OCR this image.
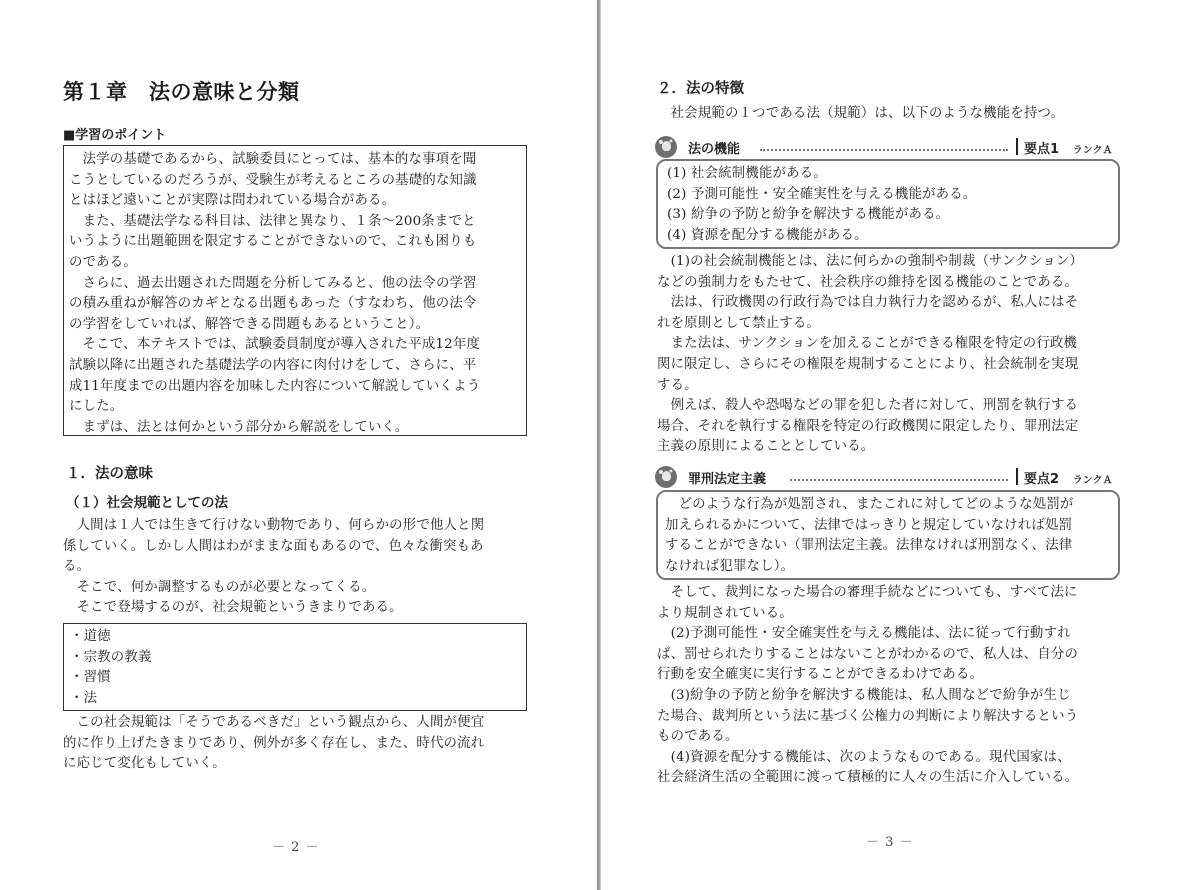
第１章　法の意味と分類
■学習のポイント
法学の基礎であるから、試験委員にとっては、基本的な事項を聞
こうとしているのだろうが、受験生が考えるところの基礎的な知識
とはほど遠いことが実際は問われている場合がある。
また、基礎法学なる科目は、法律と異なり、１条～200条までと
いうように出題範囲を限定することができないので、これも困りも
のである。
さらに、過去出題された問題を分析してみると、他の法令の学習
の積み重ねが解答のカギとなる出題もあった（すなわち、他の法令
の学習をしていれば、解答できる問題もあるということ）。
そこで、本テキストでは、試験委員制度が導入された平成12年度
試験以降に出題された基礎法学の内容に肉付けをして、さらに、平
成11年度までの出題内容を加味した内容について解説していくよう
にした。
まずは、法とは何かという部分から解説をしていく。
１．法の意味
（１）社会規範としての法
人間は１人では生きて行けない動物であり、何らかの形で他人と関
係していく。しかし人間はわがままな面もあるので、色々な衝突もあ
る。
そこで、何か調整するものが必要となってくる。
そこで登場するのが、社会規範というきまりである。
・道徳
・宗教の教義
・習慣
・法
この社会規範は「そうであるべきだ」という観点から、人間が便宜
的に作り上げたきまりであり、例外が多く存在し、また、時代の流れ
に応じて変化もしていく。
－ 2 －
２．法の特徴
社会規範の１つである法（規範）は、以下のような機能を持つ。
法の機能	要点1 ランクＡ
(1) 社会統制機能がある。
(2) 予測可能性・安全確実性を与える機能がある。
(3) 紛争の予防と紛争を解決する機能がある。
(4) 資源を配分する機能がある。
(1)の社会統制機能とは、法に何らかの強制や制裁（サンクション）
などの強制力をもたせて、社会秩序の維持を図る機能のことである。
法は、行政機関の行政行為では自力執行力を認めるが、私人にはそ
れを原則として禁止する。
また法は、サンクションを加えることができる権限を特定の行政機
関に限定し、さらにその権限を規制することにより、社会統制を実現
する。
例えば、殺人や恐喝などの罪を犯した者に対して、刑罰を執行する
場合、それを執行する権限を特定の行政機関に限定したり、罪刑法定
主義の原則によることとしている。
罪刑法定主義	要点2 ランクＡ
どのような行為が処罰され、またこれに対してどのような処罰が
加えられるかについて、法律ではっきりと規定していなければ処罰
することができない（罪刑法定主義。法律なければ刑罰なく、法律
なければ犯罪なし）。
そして、裁判になった場合の審理手続などについても、すべて法に
より規制されている。
(2)予測可能性・安全確実性を与える機能は、法に従って行動すれ
ば、罰せられたりすることはないことがわかるので、私人は、自分の
行動を安全確実に実行することができるわけである。
(3)紛争の予防と紛争を解決する機能は、私人間などで紛争が生じ
た場合、裁判所という法に基づく公権力の判断により解決するという
ものである。
(4)資源を配分する機能は、次のようなものである。現代国家は、
社会経済生活の全範囲に渡って積極的に人々の生活に介入している。
－ 3 －
